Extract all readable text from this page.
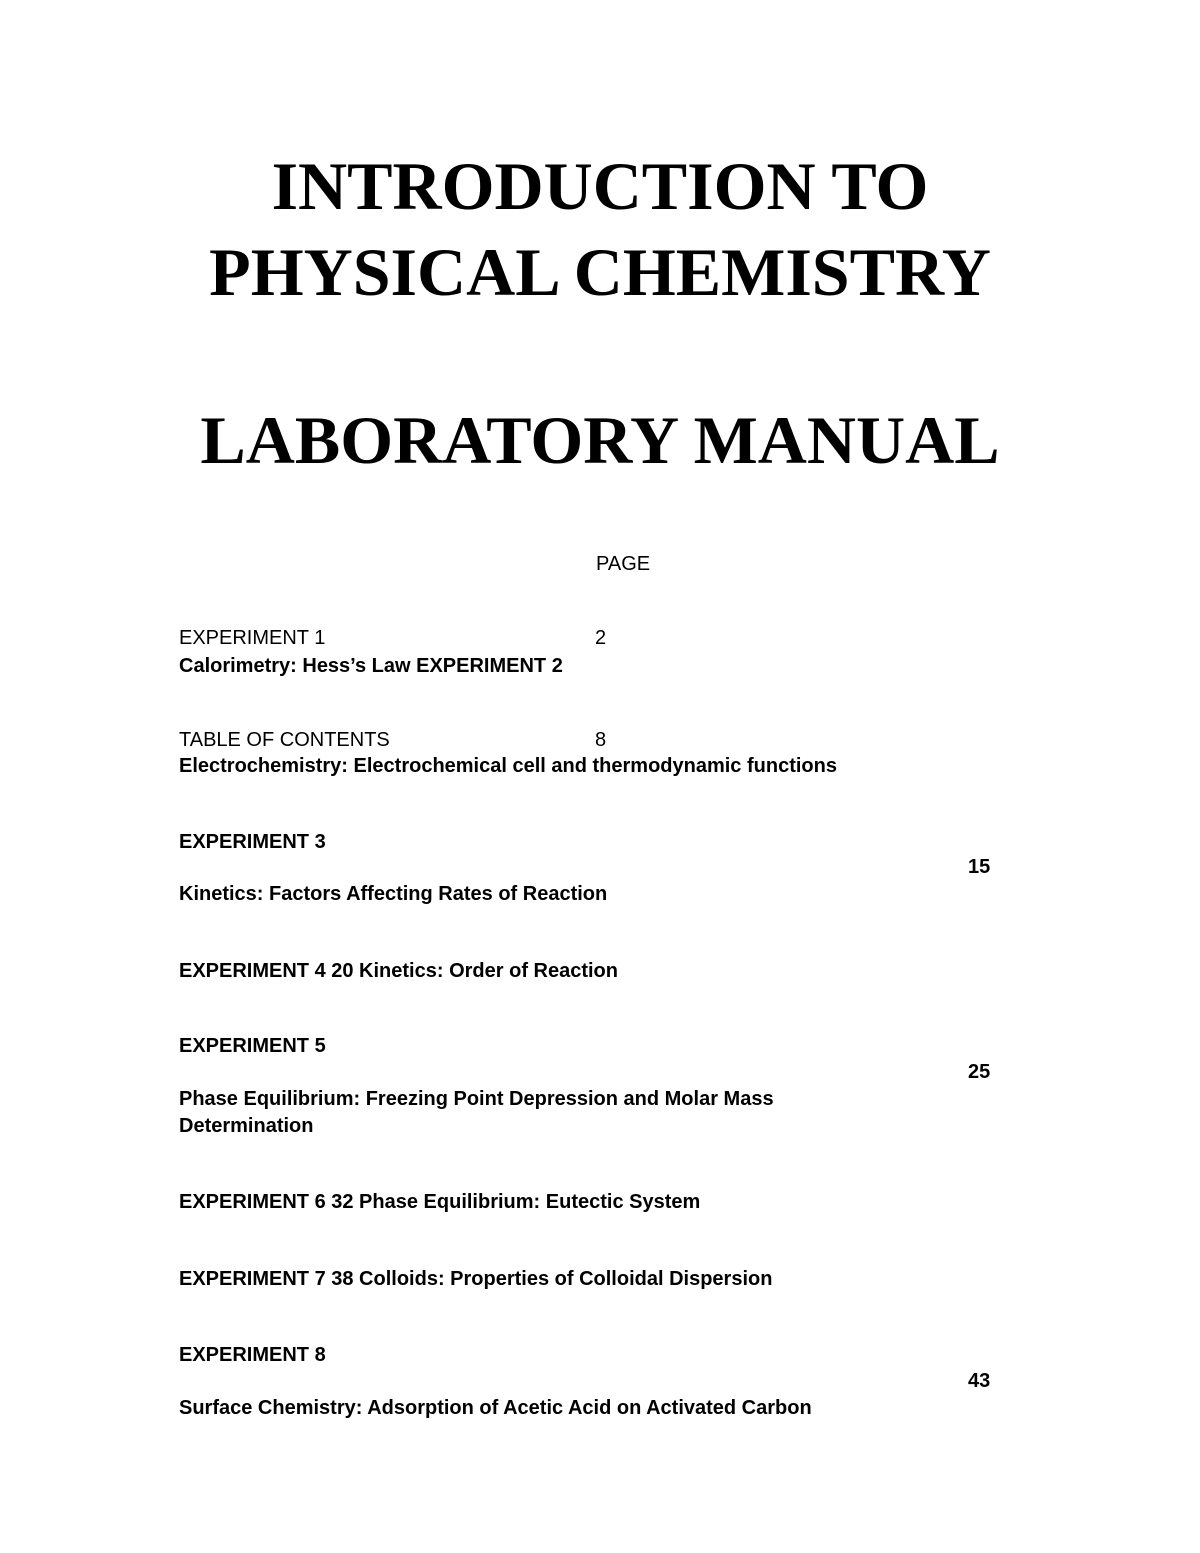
INTRODUCTION TO
PHYSICAL CHEMISTRY
LABORATORY MANUAL
PAGE
EXPERIMENT 1	2
Calorimetry: Hess’s Law EXPERIMENT 2
TABLE OF CONTENTS	8
Electrochemistry: Electrochemical cell and thermodynamic functions
EXPERIMENT 3
15
Kinetics: Factors Affecting Rates of Reaction
EXPERIMENT 4 20 Kinetics: Order of Reaction
EXPERIMENT 5
25
Phase Equilibrium: Freezing Point Depression and Molar Mass
Determination
EXPERIMENT 6 32 Phase Equilibrium: Eutectic System
EXPERIMENT 7 38 Colloids: Properties of Colloidal Dispersion
EXPERIMENT 8
43
Surface Chemistry: Adsorption of Acetic Acid on Activated Carbon
